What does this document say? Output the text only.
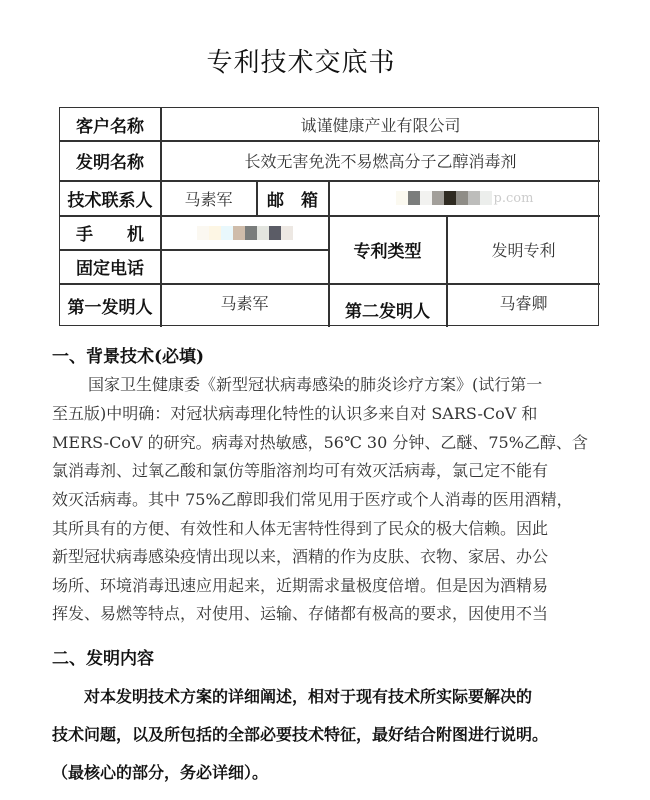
专利技术交底书
客户名称	诚谨健康产业有限公司
发明名称	长效无害免洗不易燃高分子乙醇消毒剂
技术联系人	马素军	邮　箱	p.com
手　　机
固定电话
专利类型	发明专利
第一发明人	马素军	第二发明人	马睿卿
一、背景技术(必填)
国家卫生健康委《新型冠状病毒感染的肺炎诊疗方案》(试行第一
至五版)中明确：对冠状病毒理化特性的认识多来自对 SARS-CoV 和
MERS-CoV 的研究。病毒对热敏感，56℃ 30 分钟、乙醚、75%乙醇、含
氯消毒剂、过氧乙酸和氯仿等脂溶剂均可有效灭活病毒，氯己定不能有
效灭活病毒。其中 75%乙醇即我们常见用于医疗或个人消毒的医用酒精，
其所具有的方便、有效性和人体无害特性得到了民众的极大信赖。因此
新型冠状病毒感染疫情出现以来，酒精的作为皮肤、衣物、家居、办公
场所、环境消毒迅速应用起来，近期需求量极度倍增。但是因为酒精易
挥发、易燃等特点，对使用、运输、存储都有极高的要求，因使用不当
二、发明内容
对本发明技术方案的详细阐述，相对于现有技术所实际要解决的
技术问题，以及所包括的全部必要技术特征，最好结合附图进行说明。
（最核心的部分，务必详细）。
